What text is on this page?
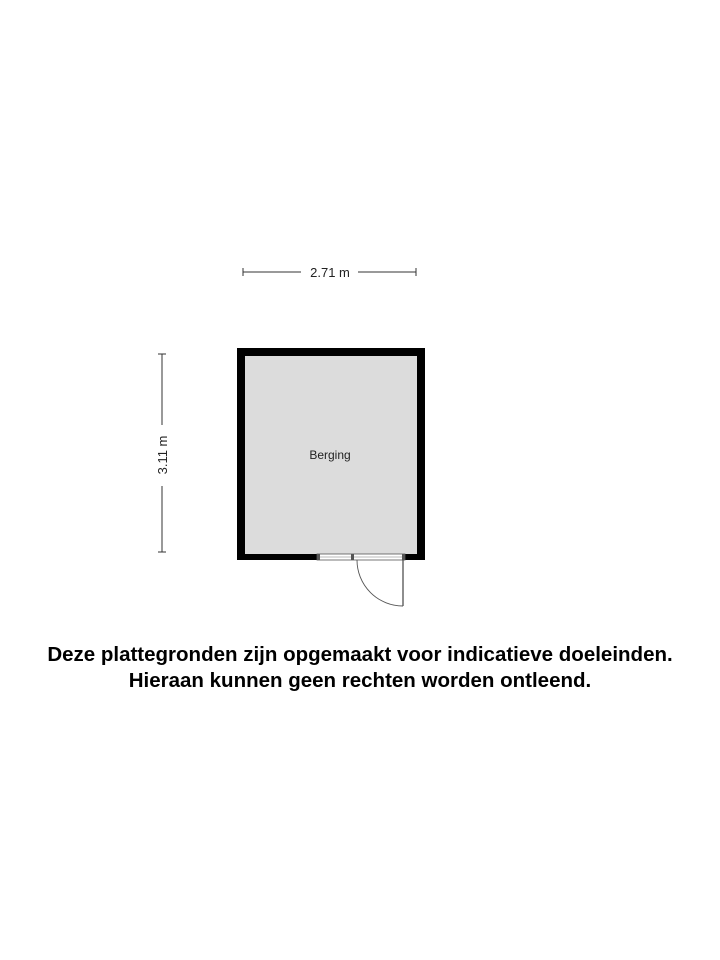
2.71 m
3.11 m	Berging
Deze plattegronden zijn opgemaakt voor indicatieve doeleinden.
Hieraan kunnen geen rechten worden ontleend.
